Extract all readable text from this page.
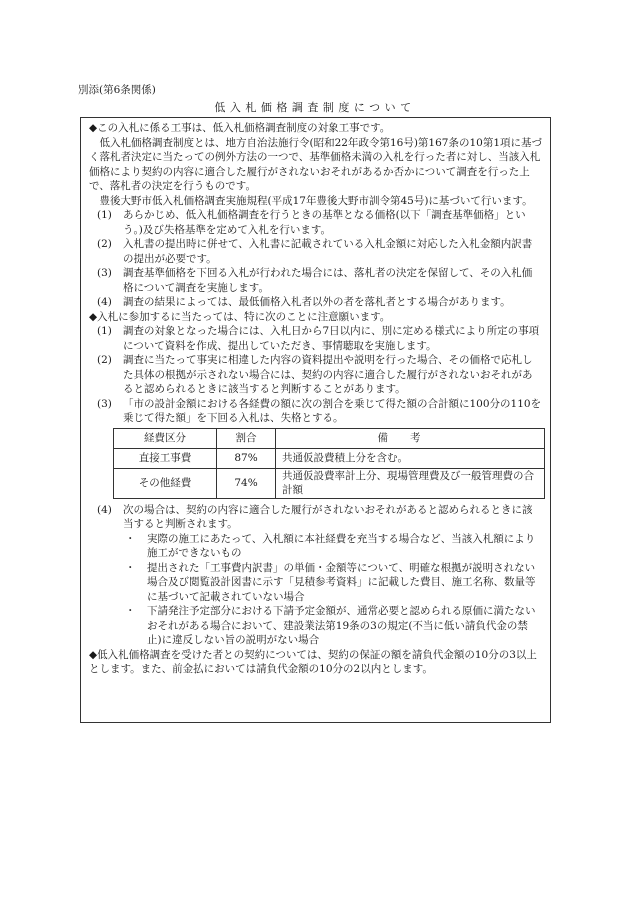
別添(第6条関係)
低入札価格調査制度について

◆この入札に係る工事は、低入札価格調査制度の対象工事です。

低入札価格調査制度とは、地方自治法施行令(昭和22年政令第16号)第167条の10第1項に基づく落札者決定に当たっての例外方法の一つで、基準価格未満の入札を行った者に対し、当該入札価格により契約の内容に適合した履行がされないおそれがあるか否かについて調査を行った上で、落札者の決定を行うものです。

豊後大野市低入札価格調査実施規程(平成17年豊後大野市訓令第45号)に基づいて行います。

(1) あらかじめ、低入札価格調査を行うときの基準となる価格(以下「調査基準価格」という。)及び失格基準を定めて入札を行います。
(2) 入札書の提出時に併せて、入札書に記載されている入札金額に対応した入札金額内訳書の提出が必要です。
(3) 調査基準価格を下回る入札が行われた場合には、落札者の決定を保留して、その入札価格について調査を実施します。
(4) 調査の結果によっては、最低価格入札者以外の者を落札者とする場合があります。

◆入札に参加するに当たっては、特に次のことに注意願います。

(1) 調査の対象となった場合には、入札日から7日以内に、別に定める様式により所定の事項について資料を作成、提出していただき、事情聴取を実施します。
(2) 調査に当たって事実に相違した内容の資料提出や説明を行った場合、その価格で応札した具体の根拠が示されない場合には、契約の内容に適合した履行がされないおそれがあると認められるときに該当すると判断することがあります。
(3) 「市の設計金額における各経費の額に次の割合を乗じて得た額の合計額に100分の110を乗じて得た額」を下回る入札は、失格とする。
経費区分	割合	備考
直接工事費	87%	共通仮設費積上分を含む。
その他経費	74%	共通仮設費率計上分、現場管理費及び一般管理費の合計額
(4) 次の場合は、契約の内容に適合した履行がされないおそれがあると認められるときに該当すると判断されます。
・ 実際の施工にあたって、入札額に本社経費を充当する場合など、当該入札額により施工ができないもの
・ 提出された「工事費内訳書」の単価・金額等について、明確な根拠が説明されない場合及び閲覧設計図書に示す「見積参考資料」に記載した費目、施工名称、数量等に基づいて記載されていない場合
・ 下請発注予定部分における下請予定金額が、通常必要と認められる原価に満たないおそれがある場合において、建設業法第19条の3の規定(不当に低い請負代金の禁止)に違反しない旨の説明がない場合

◆低入札価格調査を受けた者との契約については、契約の保証の額を請負代金額の10分の3以上とします。また、前金払においては請負代金額の10分の2以内とします。
